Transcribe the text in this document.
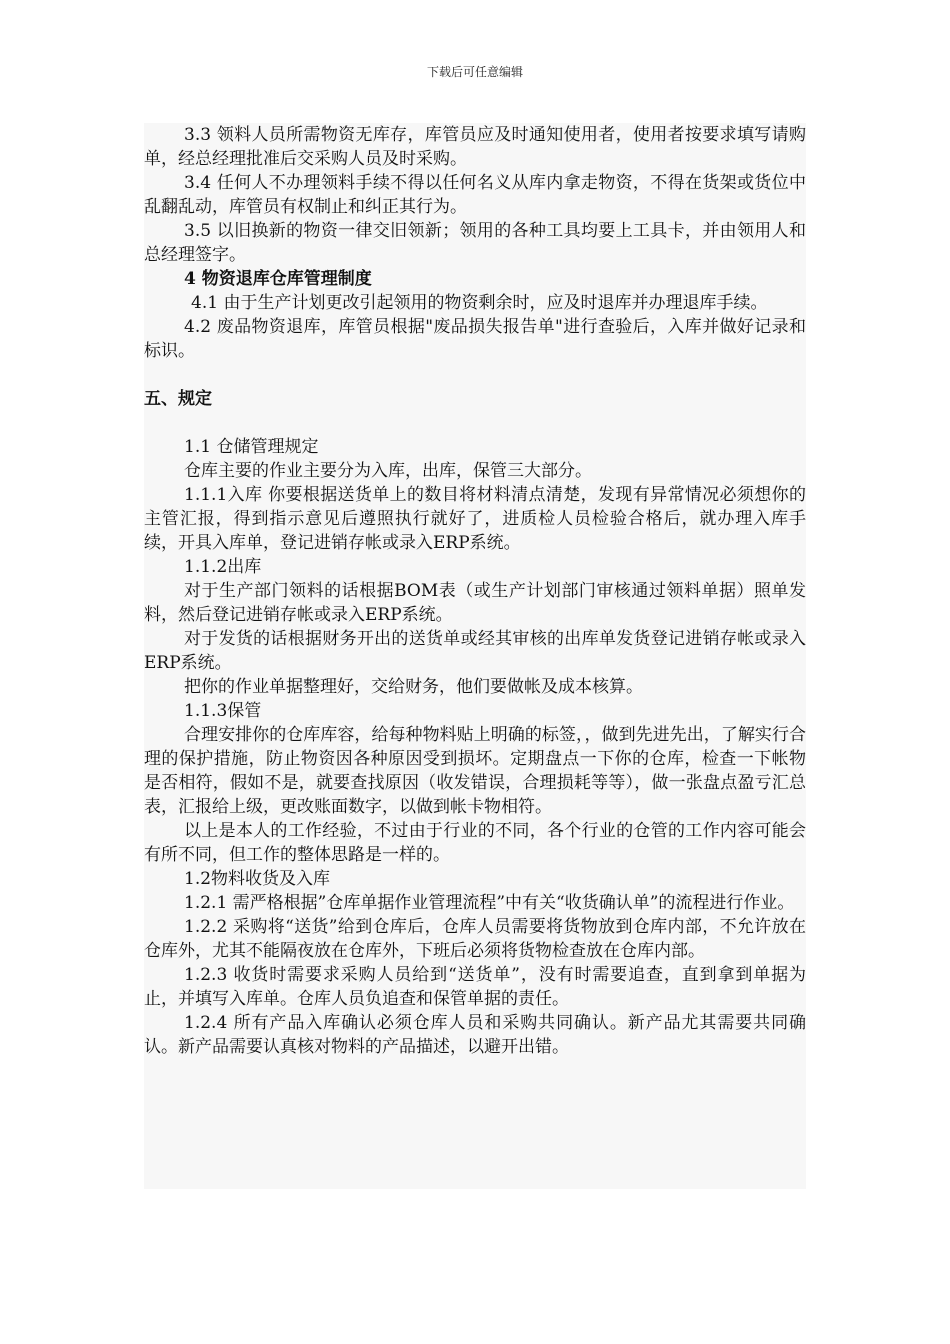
下载后可任意编辑

3.3 领料人员所需物资无库存，库管员应及时通知使用者，使用者按要求填写请购单，经总经理批准后交采购人员及时采购。

3.4 任何人不办理领料手续不得以任何名义从库内拿走物资，不得在货架或货位中乱翻乱动，库管员有权制止和纠正其行为。

3.5 以旧换新的物资一律交旧领新；领用的各种工具均要上工具卡，并由领用人和总经理签字。

4 物资退库仓库管理制度

4.1 由于生产计划更改引起领用的物资剩余时，应及时退库并办理退库手续。

4.2 废品物资退库，库管员根据"废品损失报告单"进行查验后，入库并做好记录和标识。

五、规定

1.1 仓储管理规定

仓库主要的作业主要分为入库，出库，保管三大部分。

1.1.1入库 你要根据送货单上的数目将材料清点清楚，发现有异常情况必须想你的主管汇报，得到指示意见后遵照执行就好了，进质检人员检验合格后，就办理入库手续，开具入库单，登记进销存帐或录入ERP系统。

1.1.2出库

对于生产部门领料的话根据BOM表（或生产计划部门审核通过领料单据）照单发料，然后登记进销存帐或录入ERP系统。

对于发货的话根据财务开出的送货单或经其审核的出库单发货登记进销存帐或录入ERP系统。

把你的作业单据整理好，交给财务，他们要做帐及成本核算。

1.1.3保管

合理安排你的仓库库容，给每种物料贴上明确的标签，，做到先进先出，了解实行合理的保护措施，防止物资因各种原因受到损坏。定期盘点一下你的仓库，检查一下帐物是否相符，假如不是，就要查找原因（收发错误，合理损耗等等），做一张盘点盈亏汇总表，汇报给上级，更改账面数字，以做到帐卡物相符。

以上是本人的工作经验，不过由于行业的不同，各个行业的仓管的工作内容可能会有所不同，但工作的整体思路是一样的。

1.2物料收货及入库

1.2.1 需严格根据”仓库单据作业管理流程”中有关“收货确认单”的流程进行作业。

1.2.2 采购将“送货”给到仓库后，仓库人员需要将货物放到仓库内部，不允许放在仓库外，尤其不能隔夜放在仓库外，下班后必须将货物检查放在仓库内部。

1.2.3 收货时需要求采购人员给到“送货单”，没有时需要追查，直到拿到单据为止，并填写入库单。仓库人员负追查和保管单据的责任。

1.2.4 所有产品入库确认必须仓库人员和采购共同确认。新产品尤其需要共同确认。新产品需要认真核对物料的产品描述，以避开出错。
